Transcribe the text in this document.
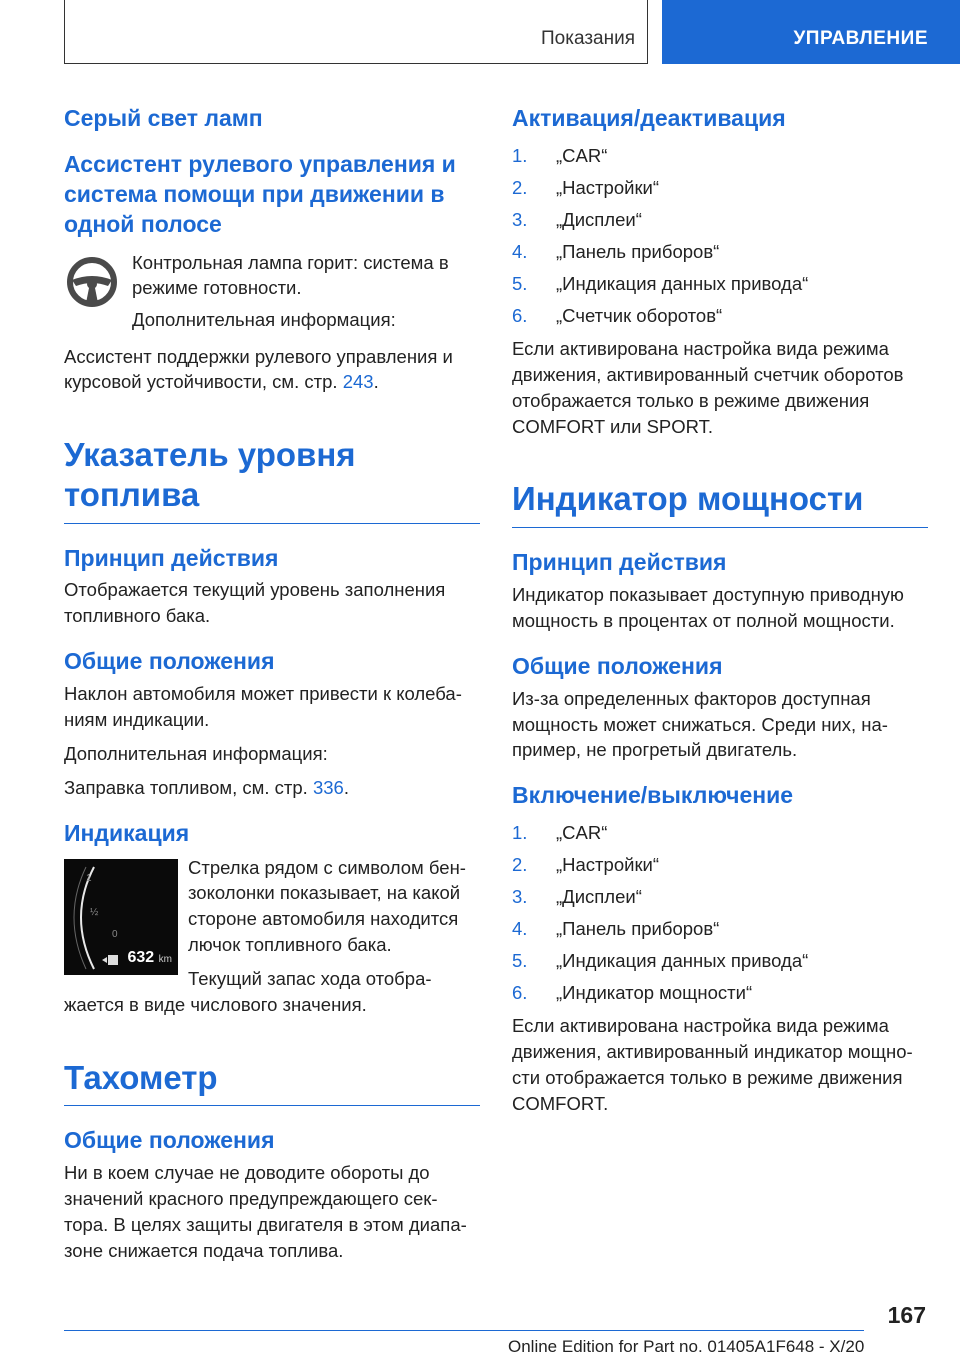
Показания	УПРАВЛЕНИЕ
Серый свет ламп
Ассистент рулевого управления и система помощи при движении в одной полосе

Контрольная лампа горит: система в режиме готовности.

Дополнительная информация:

Ассистент поддержки рулевого управления и курсовой устойчивости, см. стр. 243.

Указатель уровня топлива
Принцип действия

Отображается текущий уровень заполнения топливного бака.

Общие положения

Наклон автомобиля может привести к колеба-ниям индикации.

Дополнительная информация:

Заправка топливом, см. стр. 336.

Индикация
1
½
0
632 km

Стрелка рядом с символом бен-зоколонки показывает, на какой стороне автомобиля находится лючок топливного бака.

Текущий запас хода отобра-жается в виде числового значения.

Тахометр
Общие положения

Ни в коем случае не доводите обороты до значений красного предупреждающего сек-тора. В целях защиты двигателя в этом диапа-зоне снижается подача топлива.

Активация/деактивация
1. „CAR“
2. „Настройки“
3. „Дисплеи“
4. „Панель приборов“
5. „Индикация данных привода“
6. „Счетчик оборотов“

Если активирована настройка вида режима движения, активированный счетчик оборотов отображается только в режиме движения COMFORT или SPORT.

Индикатор мощности
Принцип действия

Индикатор показывает доступную приводную мощность в процентах от полной мощности.

Общие положения

Из-за определенных факторов доступная мощность может снижаться. Среди них, на-пример, не прогретый двигатель.

Включение/выключение
1. „CAR“
2. „Настройки“
3. „Дисплеи“
4. „Панель приборов“
5. „Индикация данных привода“
6. „Индикатор мощности“

Если активирована настройка вида режима движения, активированный индикатор мощно-сти отображается только в режиме движения COMFORT.

167
Online Edition for Part no. 01405A1F648 - X/20
